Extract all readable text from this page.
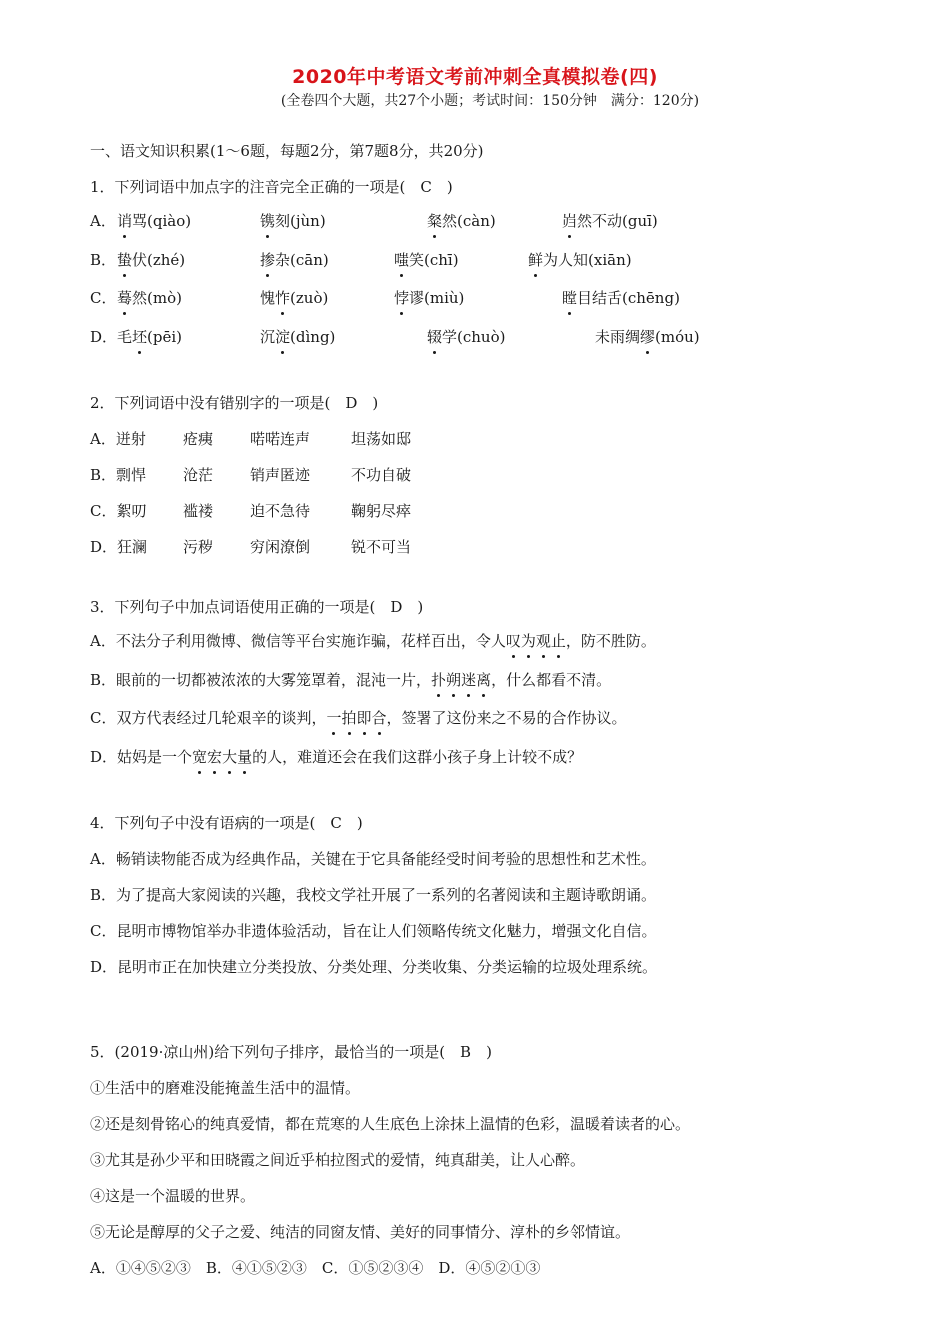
2020年中考语文考前冲刺全真模拟卷(四)
(全卷四个大题，共27个小题；考试时间：150分钟　满分：120分)
一、语文知识积累(1～6题，每题2分，第7题8分，共20分)
1．下列词语中加点字的注音完全正确的一项是(　C　)
A． 诮骂(qiào)	镌刻(jùn)	粲然(càn)	岿然不动(guī)
B． 蛰伏(zhé)	掺杂(cān)	嗤笑(chī)	鲜为人知(xiān)
C． 蓦然(mò)	愧怍(zuò)	悖谬(miù)	瞠目结舌(chēng)
D． 毛坯(pēi)	沉淀(dìng)	辍学(chuò)	未雨绸缪(móu)
2．下列词语中没有错别字的一项是(　D　)
A．迸射 疮痍 喏喏连声	坦荡如邸
B．剽悍 沧茫 销声匿迹	不功自破
C．絮叨 褴褛 迫不急待	鞠躬尽瘁
D．狂澜 污秽 穷闲潦倒	锐不可当
3．下列句子中加点词语使用正确的一项是(　D　)
A．不法分子利用微博、微信等平台实施诈骗，花样百出，令人叹为观止，防不胜防。
B．眼前的一切都被浓浓的大雾笼罩着，混沌一片，扑朔迷离，什么都看不清。
C．双方代表经过几轮艰辛的谈判，一拍即合，签署了这份来之不易的合作协议。
D．姑妈是一个宽宏大量的人，难道还会在我们这群小孩子身上计较不成？
4．下列句子中没有语病的一项是(　C　)
A．畅销读物能否成为经典作品，关键在于它具备能经受时间考验的思想性和艺术性。
B．为了提高大家阅读的兴趣，我校文学社开展了一系列的名著阅读和主题诗歌朗诵。
C．昆明市博物馆举办非遗体验活动，旨在让人们领略传统文化魅力，增强文化自信。
D．昆明市正在加快建立分类投放、分类处理、分类收集、分类运输的垃圾处理系统。
5．(2019·凉山州)给下列句子排序，最恰当的一项是(　B　)
①生活中的磨难没能掩盖生活中的温情。
②还是刻骨铭心的纯真爱情，都在荒寒的人生底色上涂抹上温情的色彩，温暖着读者的心。
③尤其是孙少平和田晓霞之间近乎柏拉图式的爱情，纯真甜美，让人心醉。
④这是一个温暖的世界。
⑤无论是醇厚的父子之爱、纯洁的同窗友情、美好的同事情分、淳朴的乡邻情谊。
A．①④⑤②③　B．④①⑤②③　C．①⑤②③④　D．④⑤②①③
